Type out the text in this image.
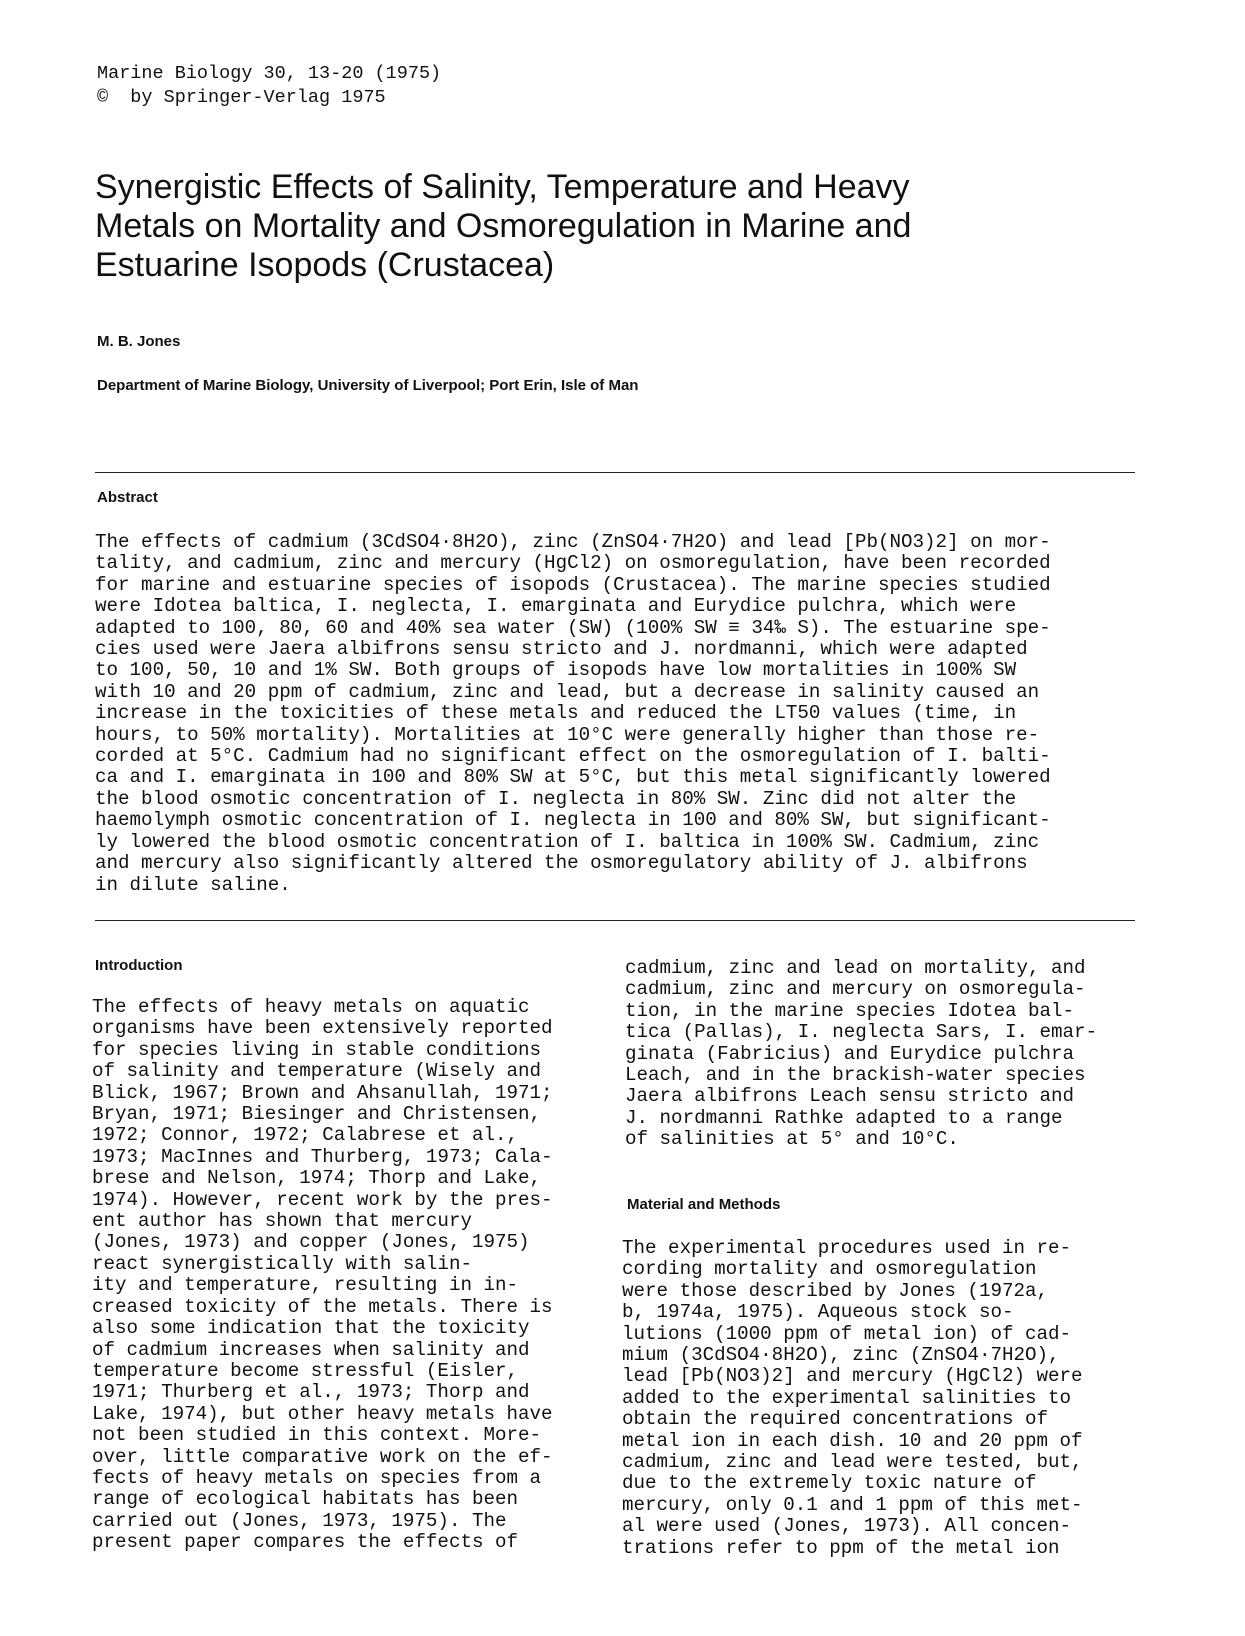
Marine Biology 30, 13-20 (1975)
©  by Springer-Verlag 1975
Synergistic Effects of Salinity, Temperature and Heavy
Metals on Mortality and Osmoregulation in Marine and
Estuarine Isopods (Crustacea)
M. B. Jones
Department of Marine Biology, University of Liverpool; Port Erin, Isle of Man
Abstract
The effects of cadmium (3CdSO4·8H2O), zinc (ZnSO4·7H2O) and lead [Pb(NO3)2] on mor-
tality, and cadmium, zinc and mercury (HgCl2) on osmoregulation, have been recorded
for marine and estuarine species of isopods (Crustacea). The marine species studied
were Idotea baltica, I. neglecta, I. emarginata and Eurydice pulchra, which were
adapted to 100, 80, 60 and 40% sea water (SW) (100% SW ≡ 34‰ S). The estuarine spe-
cies used were Jaera albifrons sensu stricto and J. nordmanni, which were adapted
to 100, 50, 10 and 1% SW. Both groups of isopods have low mortalities in 100% SW
with 10 and 20 ppm of cadmium, zinc and lead, but a decrease in salinity caused an
increase in the toxicities of these metals and reduced the LT50 values (time, in
hours, to 50% mortality). Mortalities at 10°C were generally higher than those re-
corded at 5°C. Cadmium had no significant effect on the osmoregulation of I. balti-
ca and I. emarginata in 100 and 80% SW at 5°C, but this metal significantly lowered
the blood osmotic concentration of I. neglecta in 80% SW. Zinc did not alter the
haemolymph osmotic concentration of I. neglecta in 100 and 80% SW, but significant-
ly lowered the blood osmotic concentration of I. baltica in 100% SW. Cadmium, zinc
and mercury also significantly altered the osmoregulatory ability of J. albifrons
in dilute saline.
Introduction
The effects of heavy metals on aquatic
organisms have been extensively reported
for species living in stable conditions
of salinity and temperature (Wisely and
Blick, 1967; Brown and Ahsanullah, 1971;
Bryan, 1971; Biesinger and Christensen,
1972; Connor, 1972; Calabrese et al.,
1973; MacInnes and Thurberg, 1973; Cala-
brese and Nelson, 1974; Thorp and Lake,
1974). However, recent work by the pres-
ent author has shown that mercury
(Jones, 1973) and copper (Jones, 1975)
react synergistically with salin-
ity and temperature, resulting in in-
creased toxicity of the metals. There is
also some indication that the toxicity
of cadmium increases when salinity and
temperature become stressful (Eisler,
1971; Thurberg et al., 1973; Thorp and
Lake, 1974), but other heavy metals have
not been studied in this context. More-
over, little comparative work on the ef-
fects of heavy metals on species from a
range of ecological habitats has been
carried out (Jones, 1973, 1975). The
present paper compares the effects of
cadmium, zinc and lead on mortality, and
cadmium, zinc and mercury on osmoregula-
tion, in the marine species Idotea bal-
tica (Pallas), I. neglecta Sars, I. emar-
ginata (Fabricius) and Eurydice pulchra
Leach, and in the brackish-water species
Jaera albifrons Leach sensu stricto and
J. nordmanni Rathke adapted to a range
of salinities at 5° and 10°C.
Material and Methods
The experimental procedures used in re-
cording mortality and osmoregulation
were those described by Jones (1972a,
b, 1974a, 1975). Aqueous stock so-
lutions (1000 ppm of metal ion) of cad-
mium (3CdSO4·8H2O), zinc (ZnSO4·7H2O),
lead [Pb(NO3)2] and mercury (HgCl2) were
added to the experimental salinities to
obtain the required concentrations of
metal ion in each dish. 10 and 20 ppm of
cadmium, zinc and lead were tested, but,
due to the extremely toxic nature of
mercury, only 0.1 and 1 ppm of this met-
al were used (Jones, 1973). All concen-
trations refer to ppm of the metal ion
